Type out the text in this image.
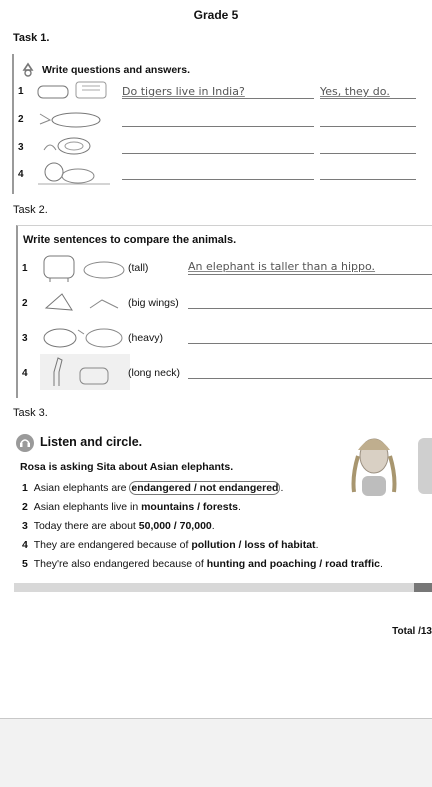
Grade 5
Task 1.
Write questions and answers.
1	Do tigers live in India?	Yes, they do.
2
3
4
Task 2.
Write sentences to compare the animals.
1	(tall)	An elephant is taller than a hippo.
2	(big wings)
3	(heavy)
4	(long neck)
Task 3.
Listen and circle.
Rosa is asking Sita about Asian elephants.
1 Asian elephants are endangered / not endangered .
2 Asian elephants live in mountains / forests.
3 Today there are about 50,000 / 70,000.
4 They are endangered because of pollution / loss of habitat.
5 They're also endangered because of hunting and poaching / road traffic.
Total /13
